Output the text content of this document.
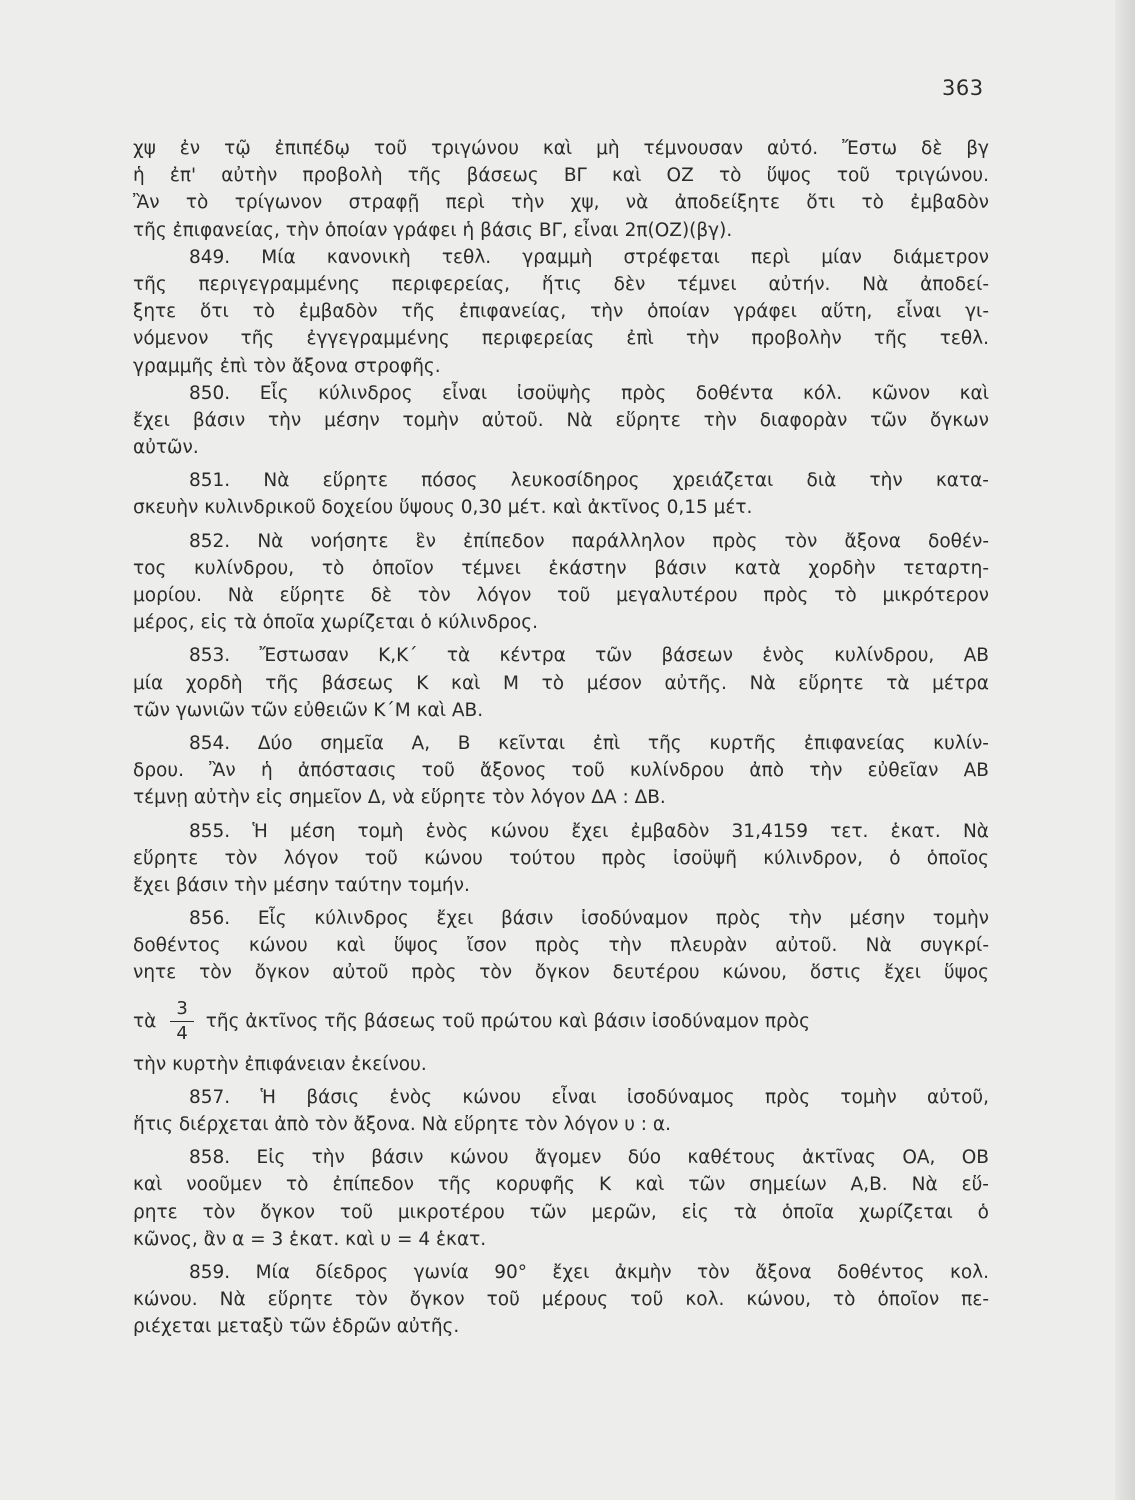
363
χψ ἐν τῷ ἐπιπέδῳ τοῦ τριγώνου καὶ μὴ τέμνουσαν αὐτό. Ἔστω δὲ βγ
ἡ ἐπ' αὐτὴν προβολὴ τῆς βάσεως ΒΓ καὶ ΟΖ τὸ ὕψος τοῦ τριγώνου.
Ἂν τὸ τρίγωνον στραφῇ περὶ τὴν χψ, νὰ ἀποδείξητε ὅτι τὸ ἐμβαδὸν
τῆς ἐπιφανείας, τὴν ὁποίαν γράφει ἡ βάσις ΒΓ, εἶναι 2π(ΟΖ)(βγ).
849. Μία κανονικὴ τεθλ. γραμμὴ στρέφεται περὶ μίαν διάμετρον
τῆς περιγεγραμμένης περιφερείας, ἥτις δὲν τέμνει αὐτήν. Νὰ ἀποδεί-
ξητε ὅτι τὸ ἐμβαδὸν τῆς ἐπιφανείας, τὴν ὁποίαν γράφει αὕτη, εἶναι γι-
νόμενον τῆς ἐγγεγραμμένης περιφερείας ἐπὶ τὴν προβολὴν τῆς τεθλ.
γραμμῆς ἐπὶ τὸν ἄξονα στροφῆς.
850. Εἷς κύλινδρος εἶναι ἰσοϋψὴς πρὸς δοθέντα κόλ. κῶνον καὶ
ἔχει βάσιν τὴν μέσην τομὴν αὐτοῦ. Νὰ εὕρητε τὴν διαφορὰν τῶν ὄγκων
αὐτῶν.
851. Νὰ εὕρητε πόσος λευκοσίδηρος χρειάζεται διὰ τὴν κατα-
σκευὴν κυλινδρικοῦ δοχείου ὕψους 0,30 μέτ. καὶ ἀκτῖνος 0,15 μέτ.
852. Νὰ νοήσητε ἓν ἐπίπεδον παράλληλον πρὸς τὸν ἄξονα δοθέν-
τος κυλίνδρου, τὸ ὁποῖον τέμνει ἑκάστην βάσιν κατὰ χορδὴν τεταρτη-
μορίου. Νὰ εὕρητε δὲ τὸν λόγον τοῦ μεγαλυτέρου πρὸς τὸ μικρότερον
μέρος, εἰς τὰ ὁποῖα χωρίζεται ὁ κύλινδρος.
853. Ἔστωσαν Κ,Κ΄ τὰ κέντρα τῶν βάσεων ἑνὸς κυλίνδρου, ΑΒ
μία χορδὴ τῆς βάσεως Κ καὶ Μ τὸ μέσον αὐτῆς. Νὰ εὕρητε τὰ μέτρα
τῶν γωνιῶν τῶν εὐθειῶν Κ΄Μ καὶ ΑΒ.
854. Δύο σημεῖα Α, Β κεῖνται ἐπὶ τῆς κυρτῆς ἐπιφανείας κυλίν-
δρου. Ἂν ἡ ἀπόστασις τοῦ ἄξονος τοῦ κυλίνδρου ἀπὸ τὴν εὐθεῖαν ΑΒ
τέμνῃ αὐτὴν εἰς σημεῖον Δ, νὰ εὕρητε τὸν λόγον ΔΑ : ΔΒ.
855. Ἡ μέση τομὴ ἑνὸς κώνου ἔχει ἐμβαδὸν 31,4159 τετ. ἑκατ. Νὰ
εὕρητε τὸν λόγον τοῦ κώνου τούτου πρὸς ἰσοϋψῆ κύλινδρον, ὁ ὁποῖος
ἔχει βάσιν τὴν μέσην ταύτην τομήν.
856. Εἷς κύλινδρος ἔχει βάσιν ἰσοδύναμον πρὸς τὴν μέσην τομὴν
δοθέντος κώνου καὶ ὕψος ἴσον πρὸς τὴν πλευρὰν αὐτοῦ. Νὰ συγκρί-
νητε τὸν ὄγκον αὐτοῦ πρὸς τὸν ὄγκον δευτέρου κώνου, ὅστις ἔχει ὕψος
τὰ $\frac{3}{4}$ τῆς ἀκτῖνος τῆς βάσεως τοῦ πρώτου καὶ βάσιν ἰσοδύναμον πρὸς
τὴν κυρτὴν ἐπιφάνειαν ἐκείνου.
857. Ἡ βάσις ἑνὸς κώνου εἶναι ἰσοδύναμος πρὸς τομὴν αὐτοῦ,
ἥτις διέρχεται ἀπὸ τὸν ἄξονα. Νὰ εὕρητε τὸν λόγον υ : α.
858. Εἰς τὴν βάσιν κώνου ἄγομεν δύο καθέτους ἀκτῖνας ΟΑ, ΟΒ
καὶ νοοῦμεν τὸ ἐπίπεδον τῆς κορυφῆς Κ καὶ τῶν σημείων Α,Β. Νὰ εὕ-
ρητε τὸν ὄγκον τοῦ μικροτέρου τῶν μερῶν, εἰς τὰ ὁποῖα χωρίζεται ὁ
κῶνος, ἂν α = 3 ἑκατ. καὶ υ = 4 ἑκατ.
859. Μία δίεδρος γωνία 90° ἔχει ἀκμὴν τὸν ἄξονα δοθέντος κολ.
κώνου. Νὰ εὕρητε τὸν ὄγκον τοῦ μέρους τοῦ κολ. κώνου, τὸ ὁποῖον πε-
ριέχεται μεταξὺ τῶν ἑδρῶν αὐτῆς.
